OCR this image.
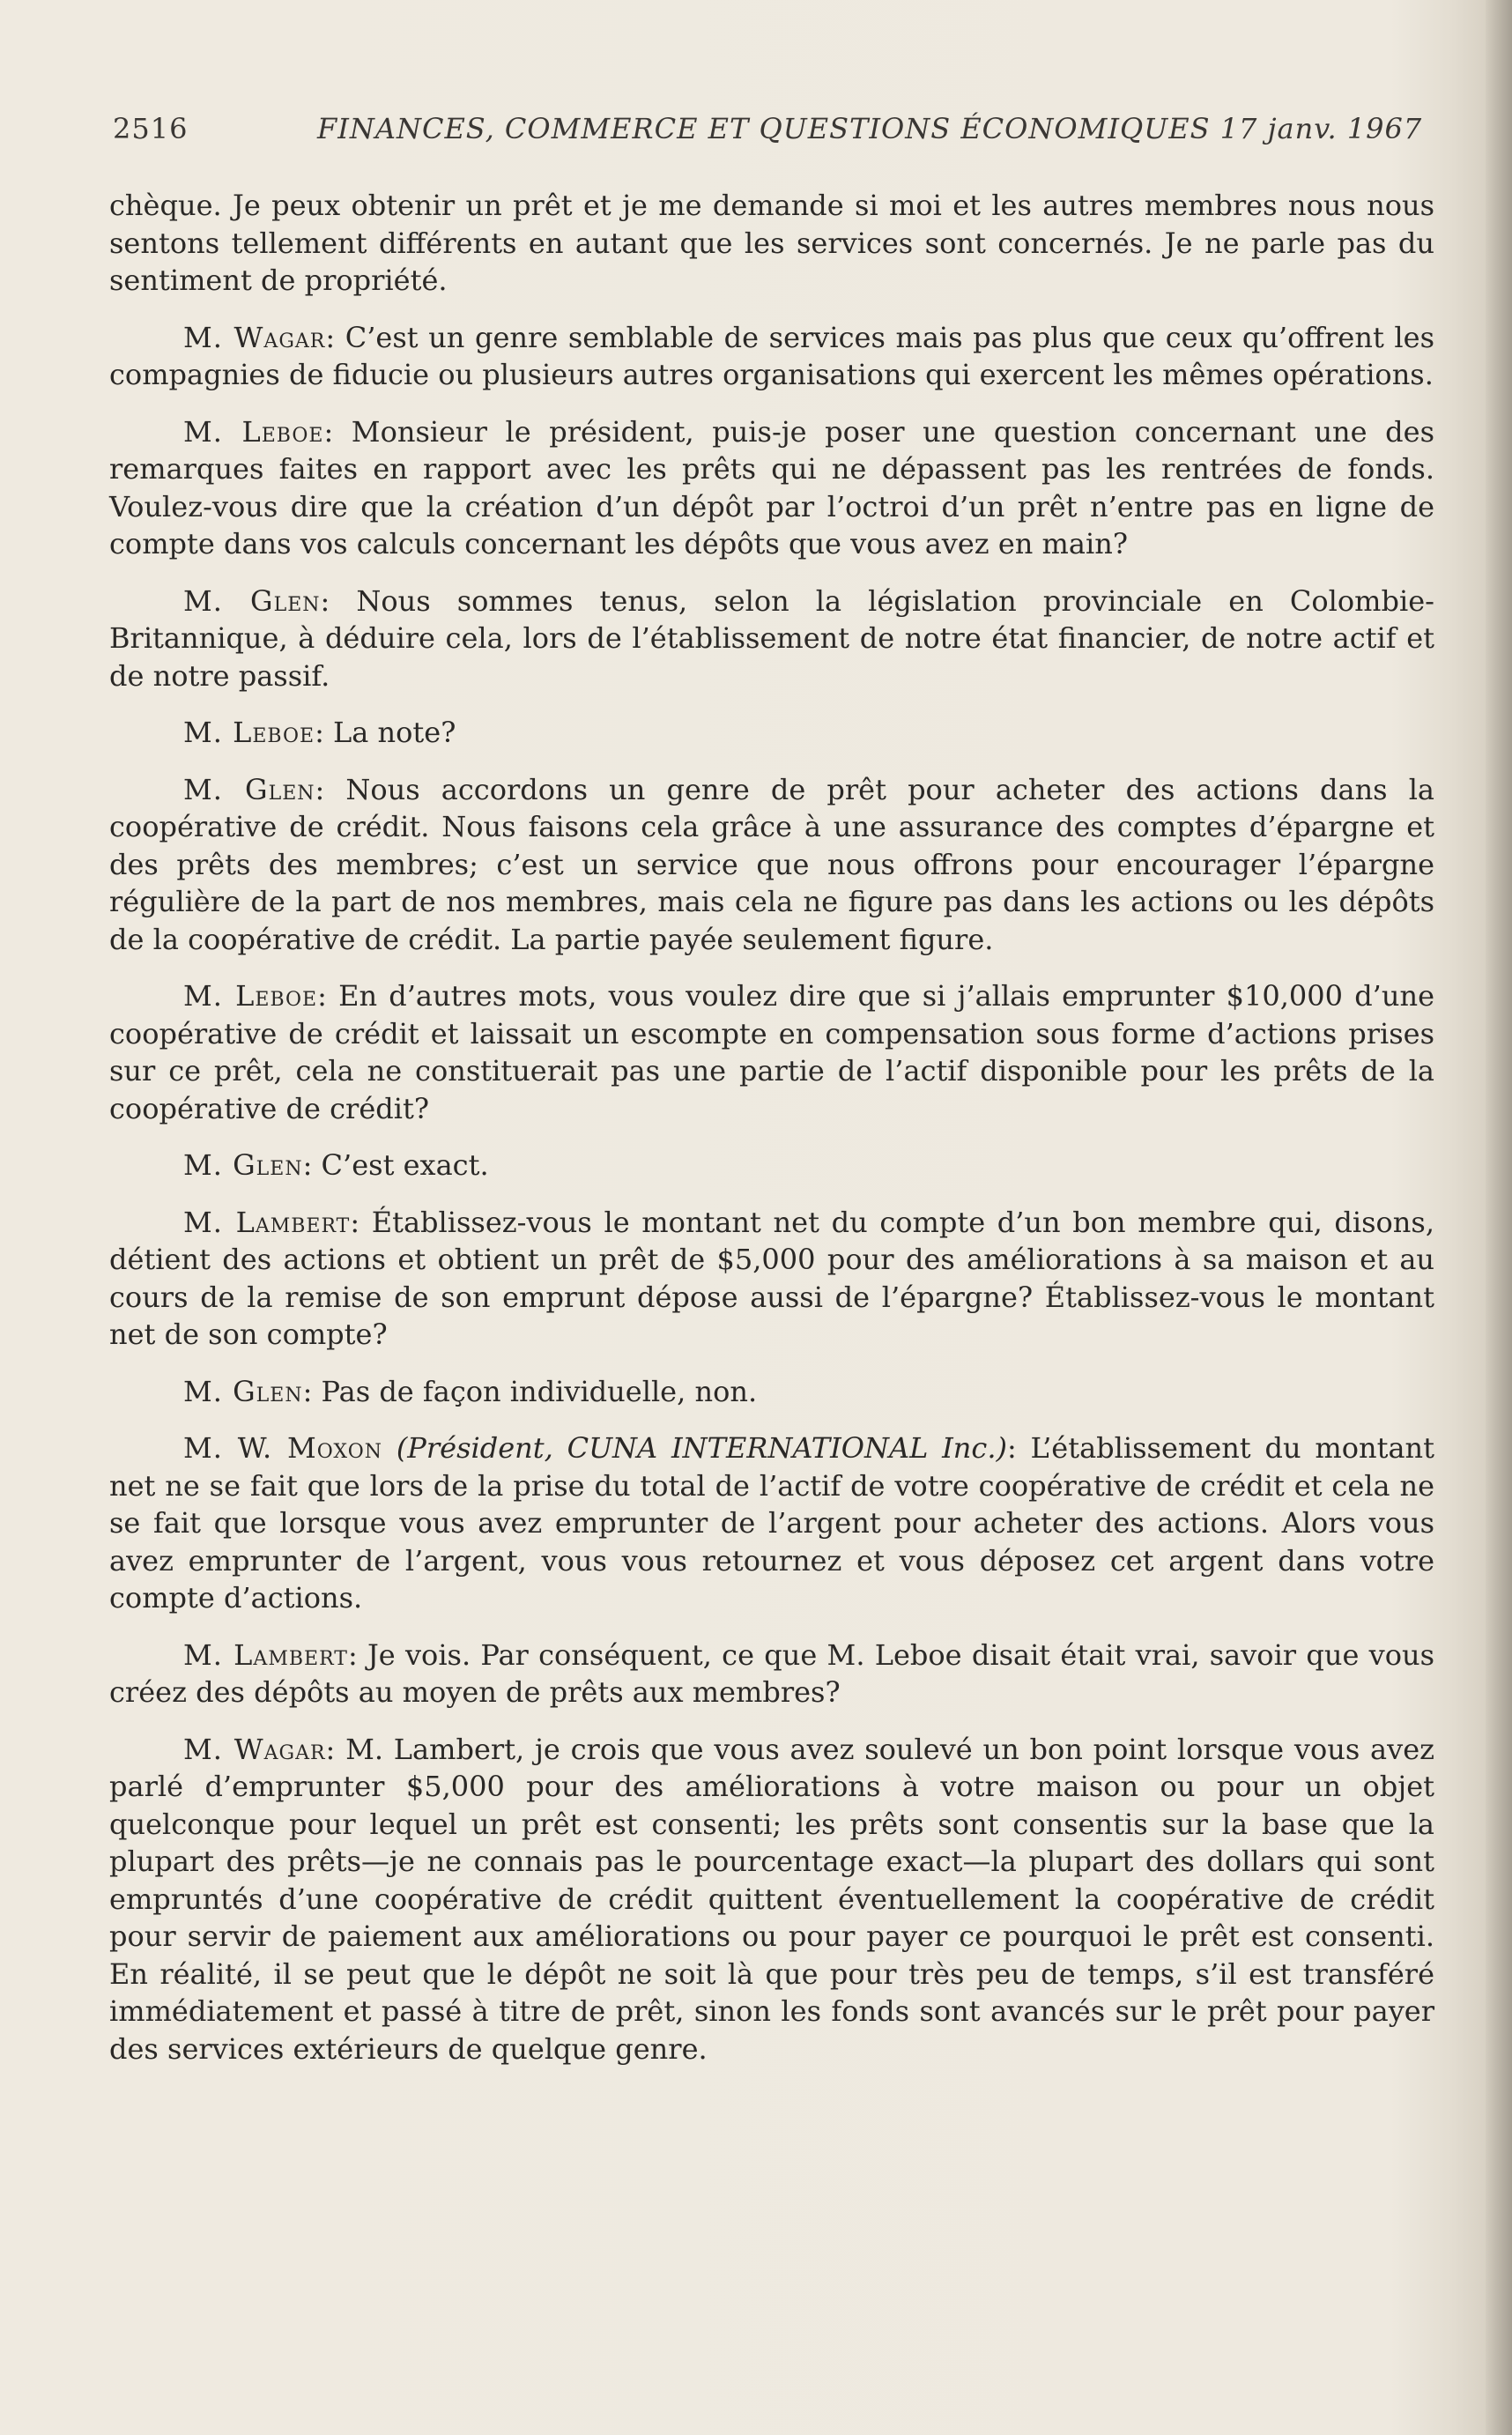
2516	FINANCES, COMMERCE ET QUESTIONS ÉCONOMIQUES 17 janv. 1967

chèque. Je peux obtenir un prêt et je me demande si moi et les autres membres nous nous sentons tellement différents en autant que les services sont concernés. Je ne parle pas du sentiment de propriété.

M. Wagar: C’est un genre semblable de services mais pas plus que ceux qu’offrent les compagnies de fiducie ou plusieurs autres organisations qui exercent les mêmes opérations.

M. Leboe: Monsieur le président, puis-je poser une question concernant une des remarques faites en rapport avec les prêts qui ne dépassent pas les rentrées de fonds. Voulez-vous dire que la création d’un dépôt par l’octroi d’un prêt n’entre pas en ligne de compte dans vos calculs concernant les dépôts que vous avez en main?

M. Glen: Nous sommes tenus, selon la législation provinciale en Colombie-Britannique, à déduire cela, lors de l’établissement de notre état financier, de notre actif et de notre passif.

M. Leboe: La note?

M. Glen: Nous accordons un genre de prêt pour acheter des actions dans la coopérative de crédit. Nous faisons cela grâce à une assurance des comptes d’épargne et des prêts des membres; c’est un service que nous offrons pour encourager l’épargne régulière de la part de nos membres, mais cela ne figure pas dans les actions ou les dépôts de la coopérative de crédit. La partie payée seulement figure.

M. Leboe: En d’autres mots, vous voulez dire que si j’allais emprunter $10,000 d’une coopérative de crédit et laissait un escompte en compensation sous forme d’actions prises sur ce prêt, cela ne constituerait pas une partie de l’actif disponible pour les prêts de la coopérative de crédit?

M. Glen: C’est exact.

M. Lambert: Établissez-vous le montant net du compte d’un bon membre qui, disons, détient des actions et obtient un prêt de $5,000 pour des améliorations à sa maison et au cours de la remise de son emprunt dépose aussi de l’épargne? Établissez-vous le montant net de son compte?

M. Glen: Pas de façon individuelle, non.

M. W. Moxon (Président, CUNA INTERNATIONAL Inc.): L’établissement du montant net ne se fait que lors de la prise du total de l’actif de votre coopérative de crédit et cela ne se fait que lorsque vous avez emprunter de l’argent pour acheter des actions. Alors vous avez emprunter de l’argent, vous vous retournez et vous déposez cet argent dans votre compte d’actions.

M. Lambert: Je vois. Par conséquent, ce que M. Leboe disait était vrai, savoir que vous créez des dépôts au moyen de prêts aux membres?

M. Wagar: M. Lambert, je crois que vous avez soulevé un bon point lorsque vous avez parlé d’emprunter $5,000 pour des améliorations à votre maison ou pour un objet quelconque pour lequel un prêt est consenti; les prêts sont consentis sur la base que la plupart des prêts—je ne connais pas le pourcentage exact—la plupart des dollars qui sont empruntés d’une coopérative de crédit quittent éventuellement la coopérative de crédit pour servir de paiement aux améliorations ou pour payer ce pourquoi le prêt est consenti. En réalité, il se peut que le dépôt ne soit là que pour très peu de temps, s’il est transféré immédiatement et passé à titre de prêt, sinon les fonds sont avancés sur le prêt pour payer des services extérieurs de quelque genre.
